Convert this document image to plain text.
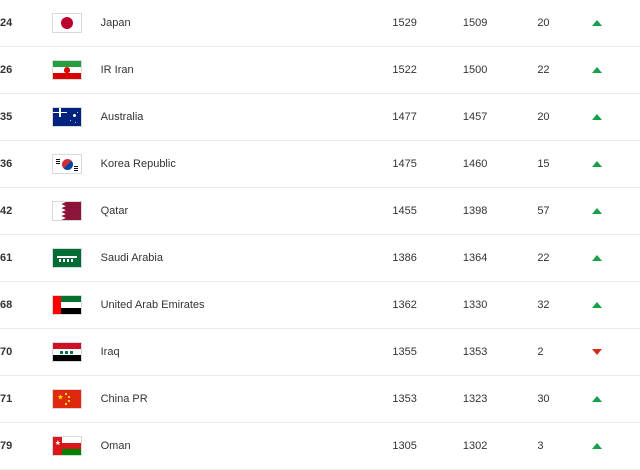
24		Japan	1529	1509	20	
26		IR Iran	1522	1500	22	
35		Australia	1477	1457	20	
36		Korea Republic	1475	1460	15	
42		Qatar	1455	1398	57	
61		Saudi Arabia	1386	1364	22	
68		United Arab Emirates	1362	1330	32	
70		Iraq	1355	1353	2	
71		China PR	1353	1323	30	
79		Oman	1305	1302	3	
